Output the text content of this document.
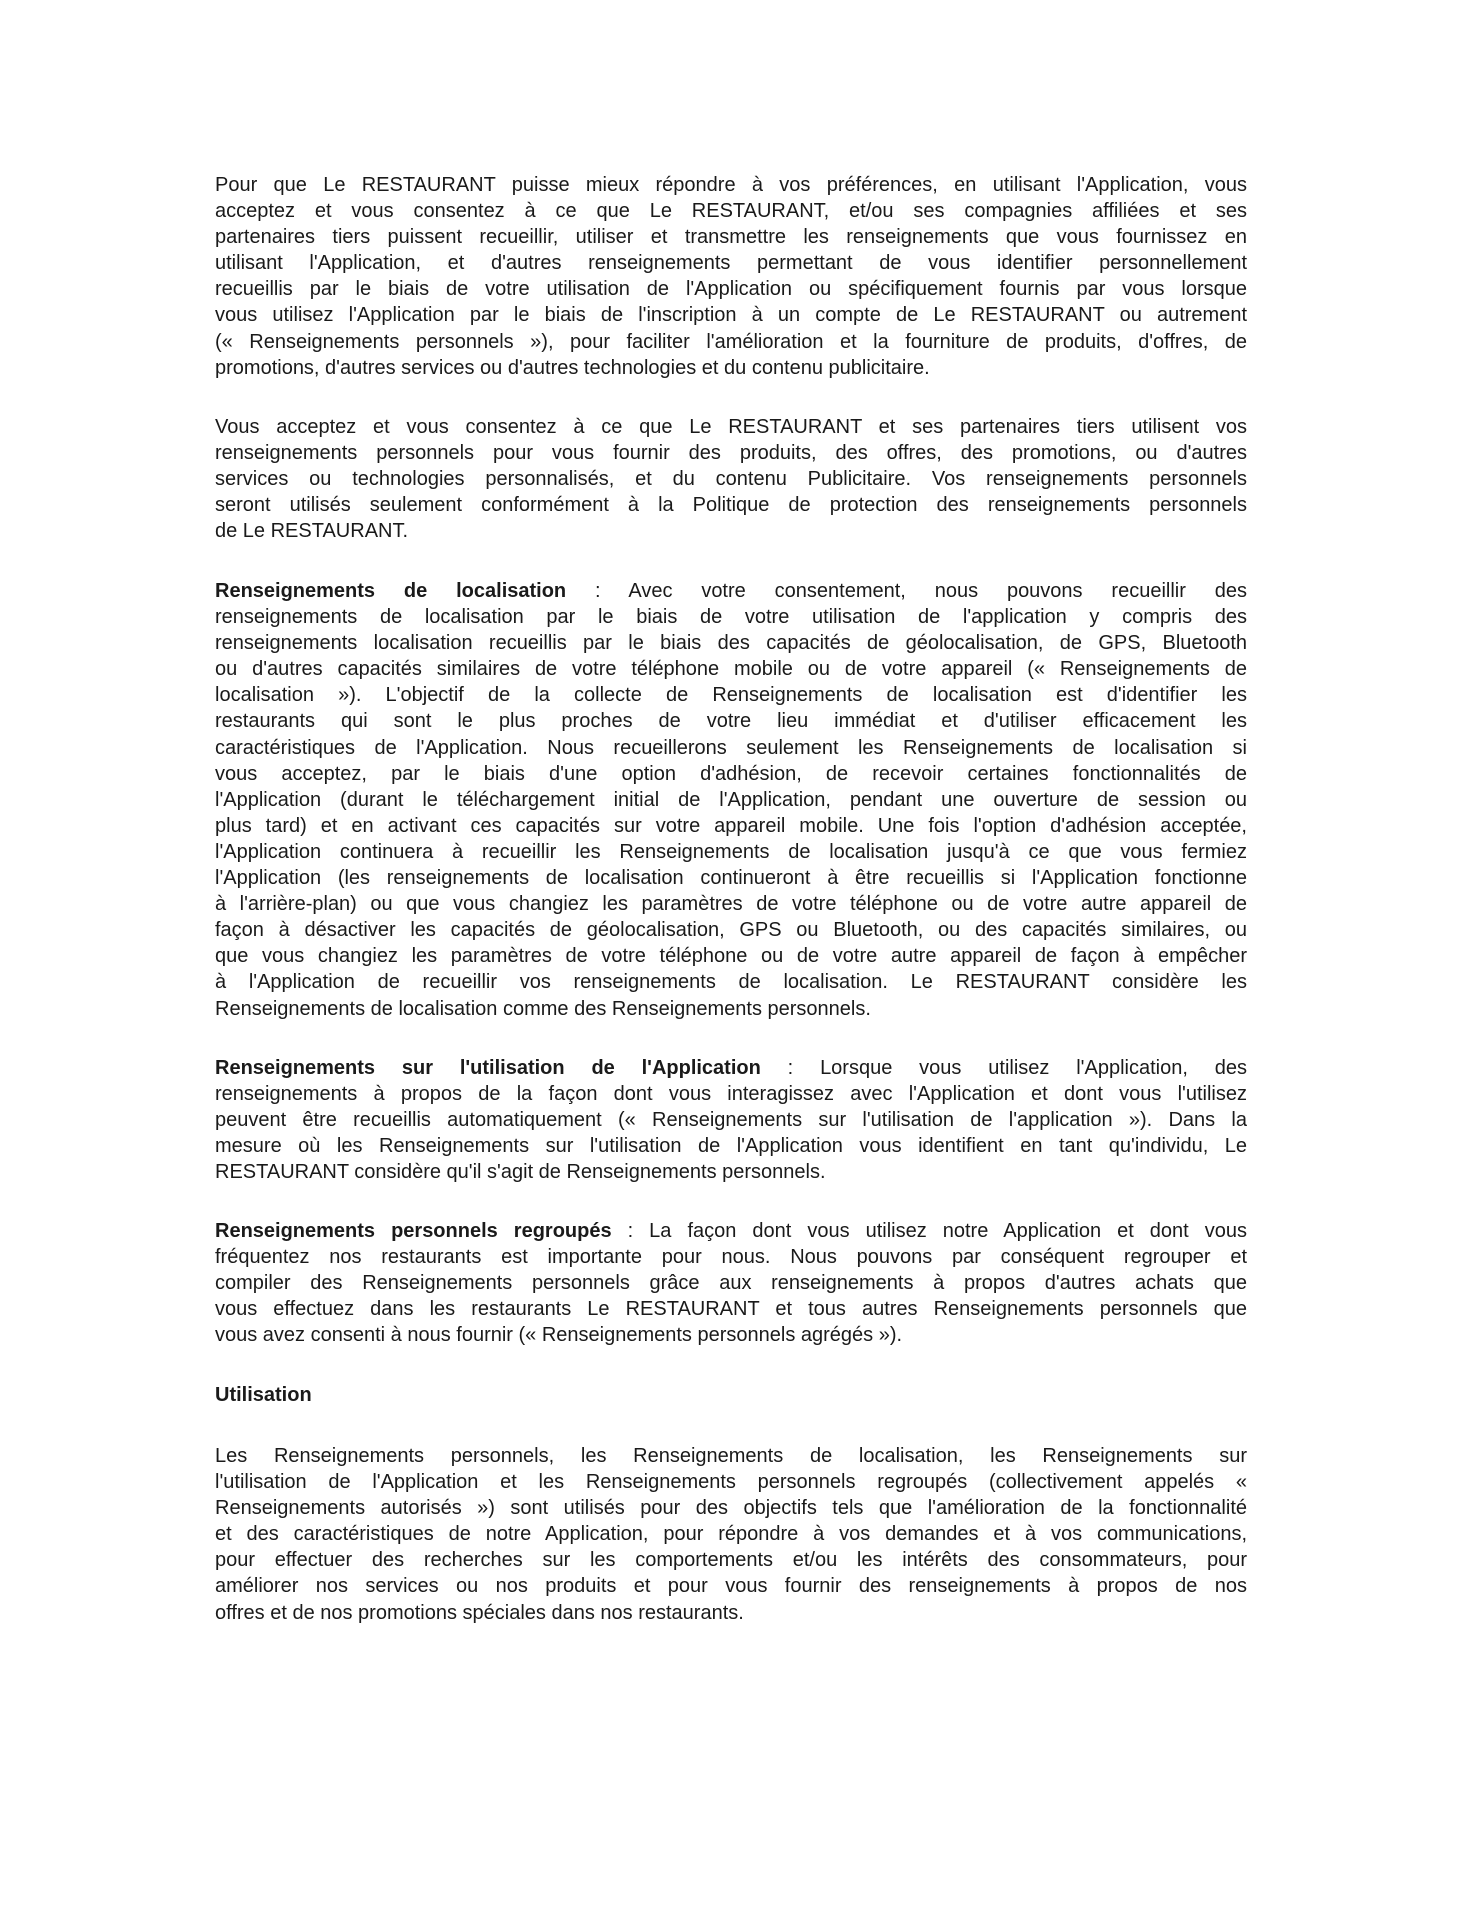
Pour que Le RESTAURANT puisse mieux répondre à vos préférences, en utilisant l'Application, vous
acceptez et vous consentez à ce que Le RESTAURANT, et/ou ses compagnies affiliées et ses
partenaires tiers puissent recueillir, utiliser et transmettre les renseignements que vous fournissez en
utilisant l'Application, et d'autres renseignements permettant de vous identifier personnellement
recueillis par le biais de votre utilisation de l'Application ou spécifiquement fournis par vous lorsque
vous utilisez l'Application par le biais de l'inscription à un compte de Le RESTAURANT ou autrement
(« Renseignements personnels »), pour faciliter l'amélioration et la fourniture de produits, d'offres, de
promotions, d'autres services ou d'autres technologies et du contenu publicitaire.
Vous acceptez et vous consentez à ce que Le RESTAURANT et ses partenaires tiers utilisent vos
renseignements personnels pour vous fournir des produits, des offres, des promotions, ou d'autres
services ou technologies personnalisés, et du contenu Publicitaire. Vos renseignements personnels
seront utilisés seulement conformément à la Politique de protection des renseignements personnels
de Le RESTAURANT.
Renseignements de localisation : Avec votre consentement, nous pouvons recueillir des
renseignements de localisation par le biais de votre utilisation de l'application y compris des
renseignements localisation recueillis par le biais des capacités de géolocalisation, de GPS, Bluetooth
ou d'autres capacités similaires de votre téléphone mobile ou de votre appareil (« Renseignements de
localisation »). L'objectif de la collecte de Renseignements de localisation est d'identifier les
restaurants qui sont le plus proches de votre lieu immédiat et d'utiliser efficacement les
caractéristiques de l'Application. Nous recueillerons seulement les Renseignements de localisation si
vous acceptez, par le biais d'une option d'adhésion, de recevoir certaines fonctionnalités de
l'Application (durant le téléchargement initial de l'Application, pendant une ouverture de session ou
plus tard) et en activant ces capacités sur votre appareil mobile. Une fois l'option d'adhésion acceptée,
l'Application continuera à recueillir les Renseignements de localisation jusqu'à ce que vous fermiez
l'Application (les renseignements de localisation continueront à être recueillis si l'Application fonctionne
à l'arrière-plan) ou que vous changiez les paramètres de votre téléphone ou de votre autre appareil de
façon à désactiver les capacités de géolocalisation, GPS ou Bluetooth, ou des capacités similaires, ou
que vous changiez les paramètres de votre téléphone ou de votre autre appareil de façon à empêcher
à l'Application de recueillir vos renseignements de localisation. Le RESTAURANT considère les
Renseignements de localisation comme des Renseignements personnels.
Renseignements sur l'utilisation de l'Application : Lorsque vous utilisez l'Application, des
renseignements à propos de la façon dont vous interagissez avec l'Application et dont vous l'utilisez
peuvent être recueillis automatiquement (« Renseignements sur l'utilisation de l'application »). Dans la
mesure où les Renseignements sur l'utilisation de l'Application vous identifient en tant qu'individu, Le
RESTAURANT considère qu'il s'agit de Renseignements personnels.
Renseignements personnels regroupés : La façon dont vous utilisez notre Application et dont vous
fréquentez nos restaurants est importante pour nous. Nous pouvons par conséquent regrouper et
compiler des Renseignements personnels grâce aux renseignements à propos d'autres achats que
vous effectuez dans les restaurants Le RESTAURANT et tous autres Renseignements personnels que
vous avez consenti à nous fournir (« Renseignements personnels agrégés »).
Utilisation
Les Renseignements personnels, les Renseignements de localisation, les Renseignements sur
l'utilisation de l'Application et les Renseignements personnels regroupés (collectivement appelés «
Renseignements autorisés ») sont utilisés pour des objectifs tels que l'amélioration de la fonctionnalité
et des caractéristiques de notre Application, pour répondre à vos demandes et à vos communications,
pour effectuer des recherches sur les comportements et/ou les intérêts des consommateurs, pour
améliorer nos services ou nos produits et pour vous fournir des renseignements à propos de nos
offres et de nos promotions spéciales dans nos restaurants.
